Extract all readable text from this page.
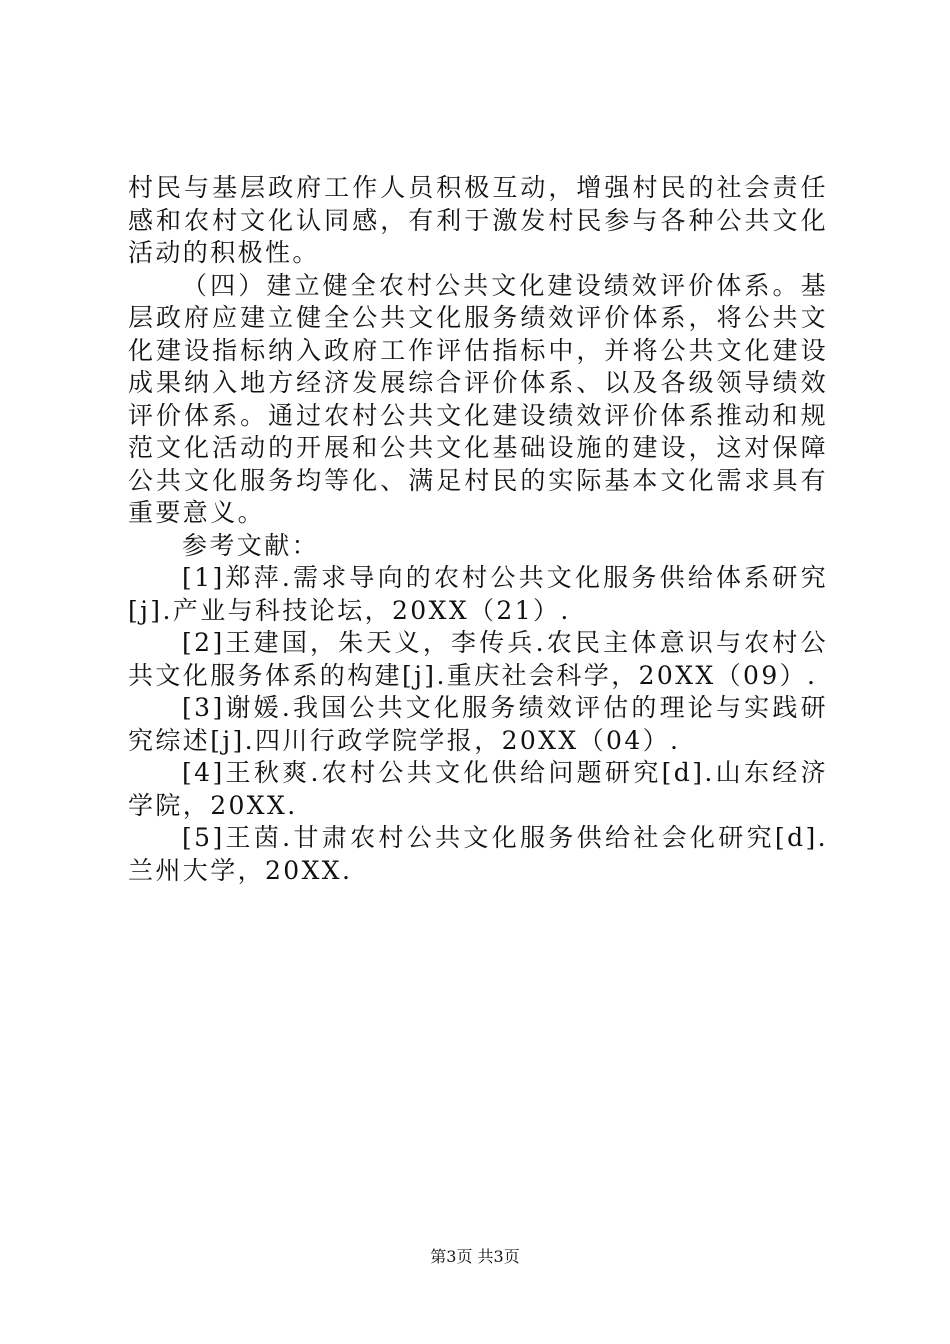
村民与基层政府工作人员积极互动，增强村民的社会责任感和农村文化认同感，有利于激发村民参与各种公共文化活动的积极性。

（四）建立健全农村公共文化建设绩效评价体系。基层政府应建立健全公共文化服务绩效评价体系，将公共文化建设指标纳入政府工作评估指标中，并将公共文化建设成果纳入地方经济发展综合评价体系、以及各级领导绩效评价体系。通过农村公共文化建设绩效评价体系推动和规范文化活动的开展和公共文化基础设施的建设，这对保障公共文化服务均等化、满足村民的实际基本文化需求具有重要意义。

参考文献：

[1]郑萍.需求导向的农村公共文化服务供给体系研究[j].产业与科技论坛，20XX（21）.

[2]王建国，朱天义，李传兵.农民主体意识与农村公共文化服务体系的构建[j].重庆社会科学，20XX（09）.

[3]谢媛.我国公共文化服务绩效评估的理论与实践研究综述[j].四川行政学院学报，20XX（04）.

[4]王秋爽.农村公共文化供给问题研究[d].山东经济学院，20XX.

[5]王茵.甘肃农村公共文化服务供给社会化研究[d].兰州大学，20XX.

第3页 共3页
